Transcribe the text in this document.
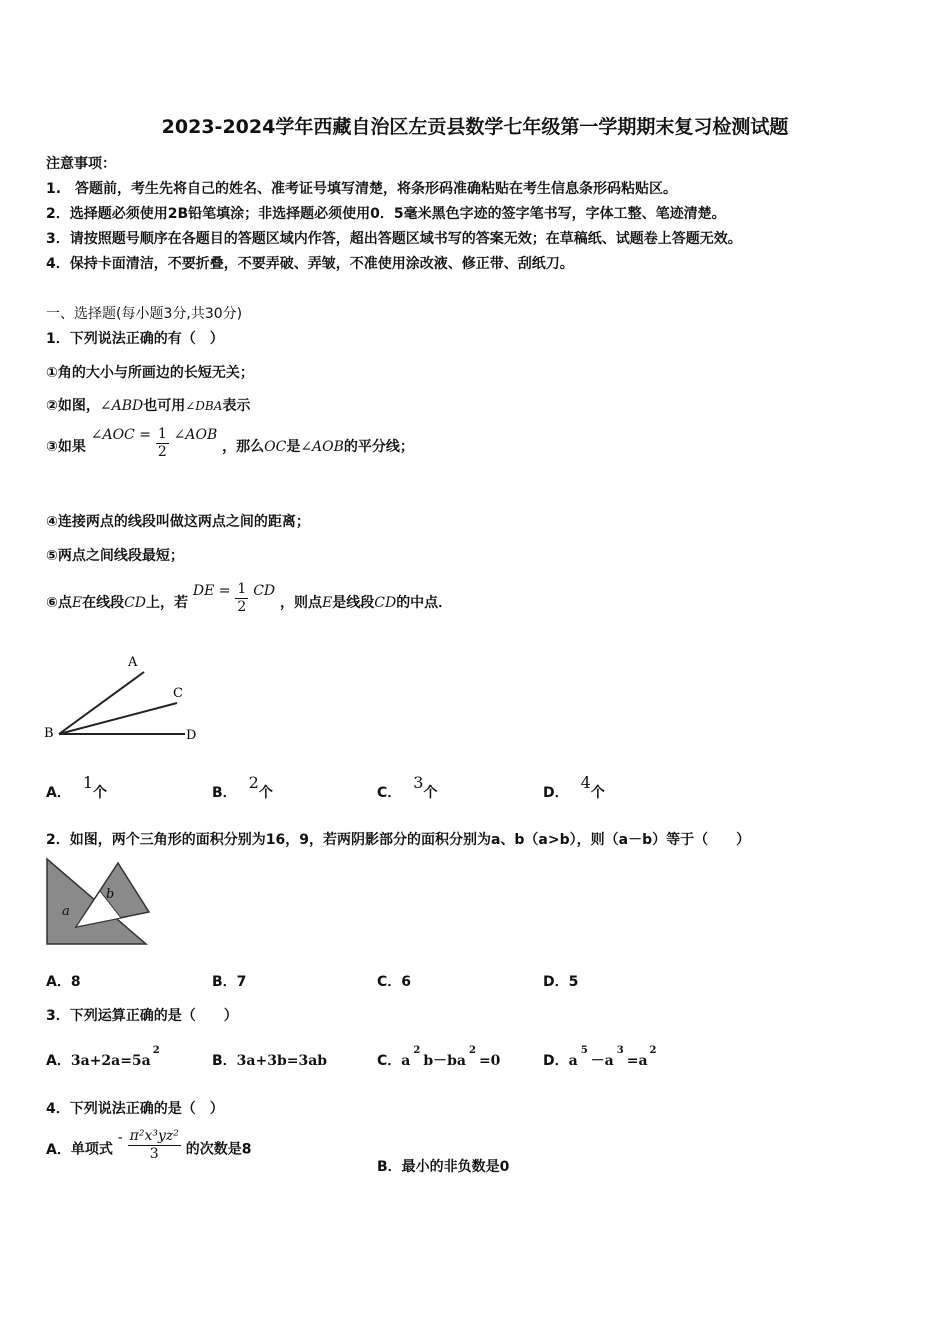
2023-2024学年西藏自治区左贡县数学七年级第一学期期末复习检测试题
注意事项：
1.　答题前，考生先将自己的姓名、准考证号填写清楚，将条形码准确粘贴在考生信息条形码粘贴区。
2．选择题必须使用2B铅笔填涂；非选择题必须使用0．5毫米黑色字迹的签字笔书写，字体工整、笔迹清楚。
3．请按照题号顺序在各题目的答题区域内作答，超出答题区域书写的答案无效；在草稿纸、试题卷上答题无效。
4．保持卡面清洁，不要折叠，不要弄破、弄皱，不准使用涂改液、修正带、刮纸刀。
一、选择题(每小题3分,共30分)
1．下列说法正确的有（　）
①角的大小与所画边的长短无关；
②如图，∠ABD也可用∠DBA表示
③如果 ∠AOC = $\frac{1}{2}$ ∠AOB ，那么OC是∠AOB的平分线；
④连接两点的线段叫做这两点之间的距离；
⑤两点之间线段最短；
⑥点E在线段CD上，若 DE = $\frac{1}{2}$ CD ，则点E是线段CD的中点．
A
C
B	D
A．1个	B．2个	C．3个	D．4个
2．如图，两个三角形的面积分别为16，9，若两阴影部分的面积分别为a、b（a>b），则（a－b）等于（　　）
a
b
A．8	B．7	C．6	D．5
3．下列运算正确的是（　　）
A．$3a+2a=5a^2$
B．3a+3b=3ab	C．$a^2b-ba^2=0$	D．$a^5-a^3=a^2$
4．下列说法正确的是（　）
A．单项式 - $\frac{\text{π²x³yz²}}{3}$ 的次数是8
B．最小的非负数是0
